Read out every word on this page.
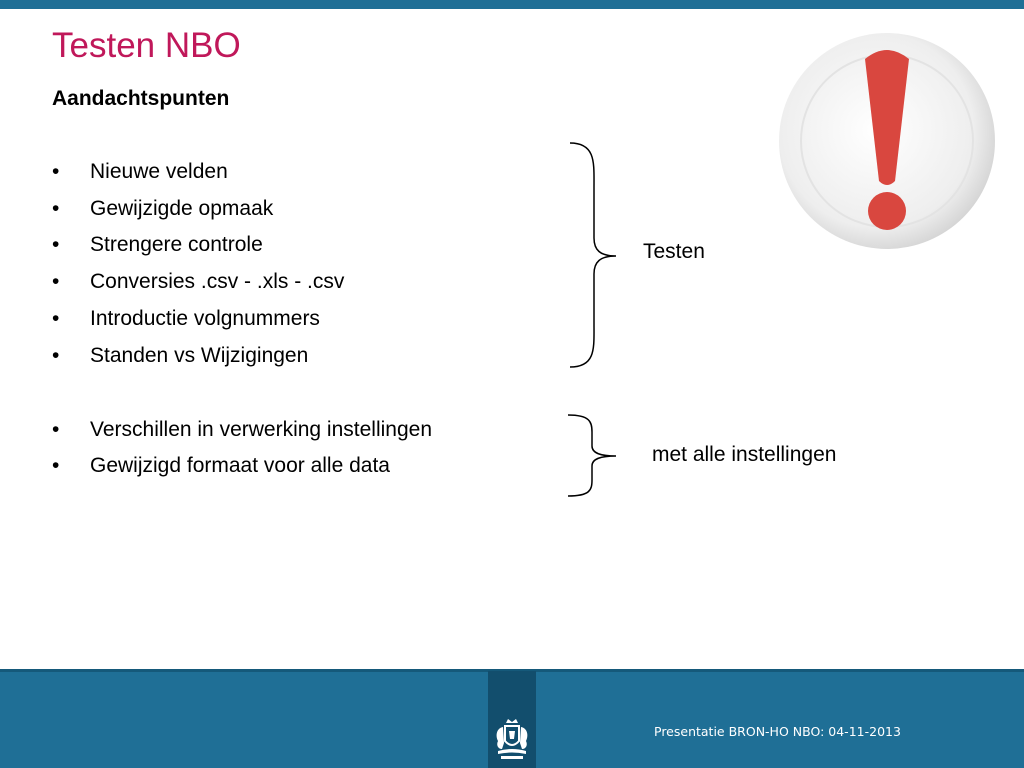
Testen NBO
Aandachtspunten
•	Nieuwe velden
•	Gewijzigde opmaak
•	Strengere controle
•	Conversies .csv - .xls - .csv
•	Introductie volgnummers
•	Standen vs Wijzigingen
•	Verschillen in verwerking instellingen
•	Gewijzigd formaat voor alle data
Testen
met alle instellingen
Presentatie BRON-HO NBO: 04-11-2013
